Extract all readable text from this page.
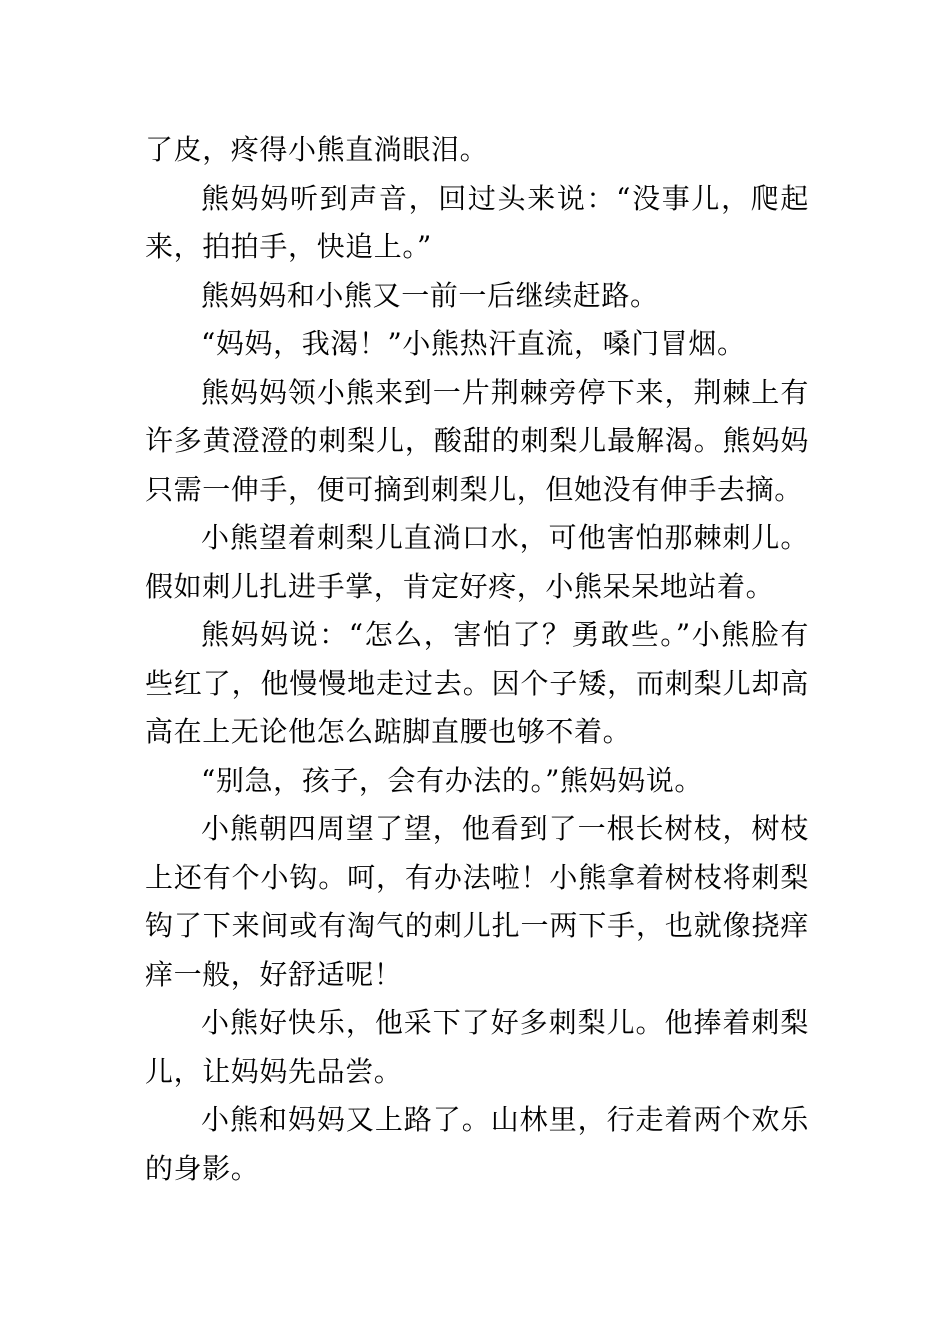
了皮，疼得小熊直淌眼泪。

熊妈妈听到声音，回过头来说：“没事儿，爬起来，拍拍手，快追上。”

熊妈妈和小熊又一前一后继续赶路。

“妈妈，我渴！”小熊热汗直流，嗓门冒烟。

熊妈妈领小熊来到一片荆棘旁停下来，荆棘上有许多黄澄澄的刺梨儿，酸甜的刺梨儿最解渴。熊妈妈只需一伸手，便可摘到刺梨儿，但她没有伸手去摘。

小熊望着刺梨儿直淌口水，可他害怕那棘刺儿。假如刺儿扎进手掌，肯定好疼，小熊呆呆地站着。

熊妈妈说：“怎么，害怕了？勇敢些。”小熊脸有些红了，他慢慢地走过去。因个子矮，而刺梨儿却高高在上无论他怎么踮脚直腰也够不着。

“别急，孩子，会有办法的。”熊妈妈说。

小熊朝四周望了望，他看到了一根长树枝，树枝上还有个小钩。呵，有办法啦！小熊拿着树枝将刺梨钩了下来间或有淘气的刺儿扎一两下手，也就像挠痒痒一般，好舒适呢！

小熊好快乐，他采下了好多刺梨儿。他捧着刺梨儿，让妈妈先品尝。

小熊和妈妈又上路了。山林里，行走着两个欢乐的身影。
